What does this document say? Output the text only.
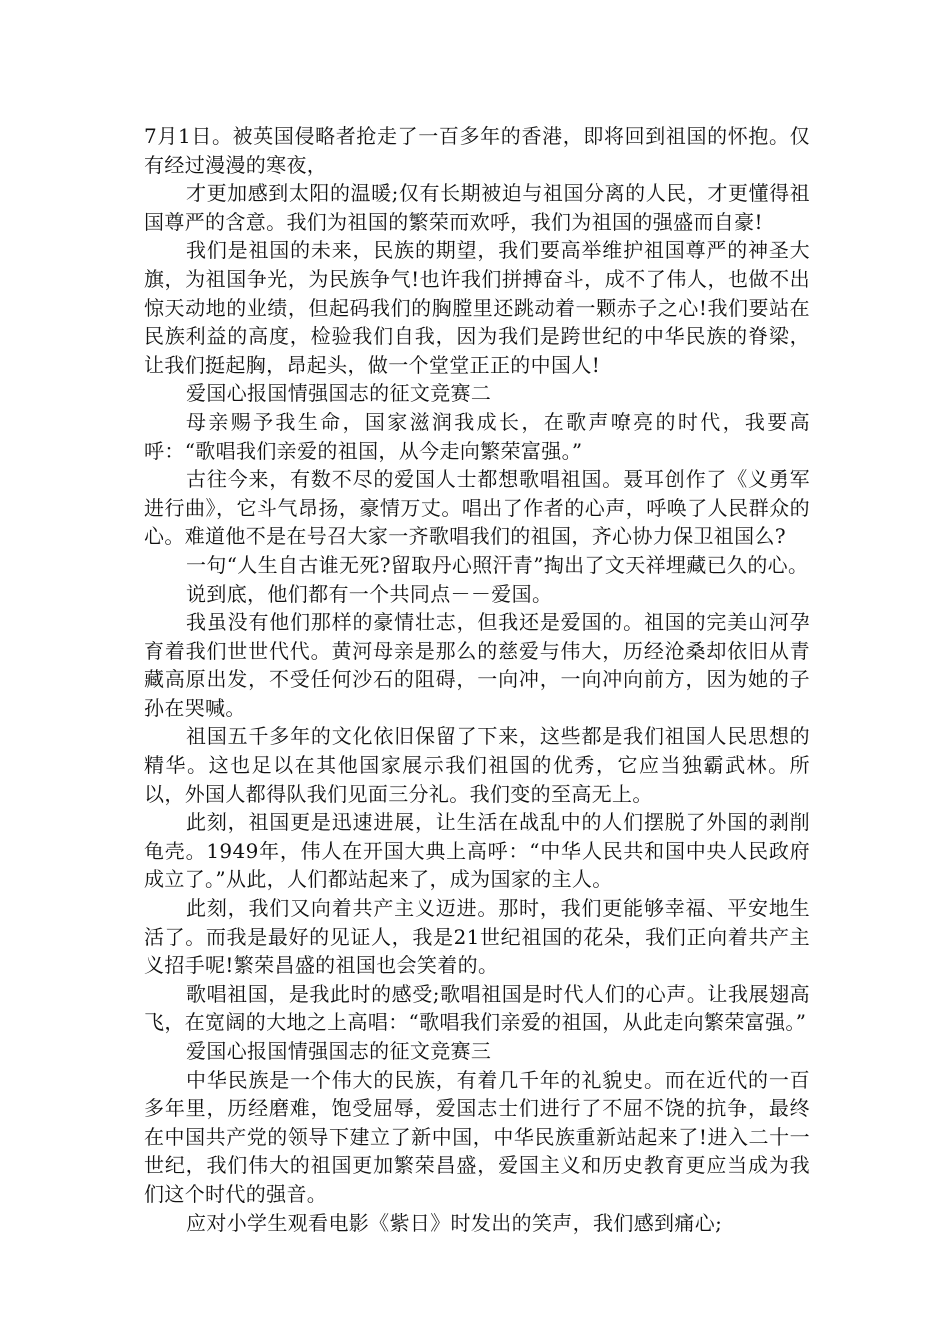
7月1日。被英国侵略者抢走了一百多年的香港，即将回到祖国的怀抱。仅有经过漫漫的寒夜，

才更加感到太阳的温暖;仅有长期被迫与祖国分离的人民，才更懂得祖国尊严的含意。我们为祖国的繁荣而欢呼，我们为祖国的强盛而自豪!

我们是祖国的未来，民族的期望，我们要高举维护祖国尊严的神圣大旗，为祖国争光，为民族争气!也许我们拼搏奋斗，成不了伟人，也做不出惊天动地的业绩，但起码我们的胸膛里还跳动着一颗赤子之心!我们要站在民族利益的高度，检验我们自我，因为我们是跨世纪的中华民族的脊梁，让我们挺起胸，昂起头，做一个堂堂正正的中国人!

爱国心报国情强国志的征文竞赛二

母亲赐予我生命，国家滋润我成长，在歌声嘹亮的时代，我要高呼：“歌唱我们亲爱的祖国，从今走向繁荣富强。”

古往今来，有数不尽的爱国人士都想歌唱祖国。聂耳创作了《义勇军进行曲》，它斗气昂扬，豪情万丈。唱出了作者的心声，呼唤了人民群众的心。难道他不是在号召大家一齐歌唱我们的祖国，齐心协力保卫祖国么?

一句“人生自古谁无死?留取丹心照汗青”掏出了文天祥埋藏已久的心。

说到底，他们都有一个共同点－－爱国。

我虽没有他们那样的豪情壮志，但我还是爱国的。祖国的完美山河孕育着我们世世代代。黄河母亲是那么的慈爱与伟大，历经沧桑却依旧从青藏高原出发，不受任何沙石的阻碍，一向冲，一向冲向前方，因为她的子孙在哭喊。

祖国五千多年的文化依旧保留了下来，这些都是我们祖国人民思想的精华。这也足以在其他国家展示我们祖国的优秀，它应当独霸武林。所以，外国人都得队我们见面三分礼。我们变的至高无上。

此刻，祖国更是迅速进展，让生活在战乱中的人们摆脱了外国的剥削龟壳。1949年，伟人在开国大典上高呼：“中华人民共和国中央人民政府成立了。”从此，人们都站起来了，成为国家的主人。

此刻，我们又向着共产主义迈进。那时，我们更能够幸福、平安地生活了。而我是最好的见证人，我是21世纪祖国的花朵，我们正向着共产主义招手呢!繁荣昌盛的祖国也会笑着的。

歌唱祖国，是我此时的感受;歌唱祖国是时代人们的心声。让我展翅高飞，在宽阔的大地之上高唱：“歌唱我们亲爱的祖国，从此走向繁荣富强。”

爱国心报国情强国志的征文竞赛三

中华民族是一个伟大的民族，有着几千年的礼貌史。而在近代的一百多年里，历经磨难，饱受屈辱，爱国志士们进行了不屈不饶的抗争，最终在中国共产党的领导下建立了新中国，中华民族重新站起来了!进入二十一世纪，我们伟大的祖国更加繁荣昌盛，爱国主义和历史教育更应当成为我们这个时代的强音。

应对小学生观看电影《紫日》时发出的笑声，我们感到痛心;
